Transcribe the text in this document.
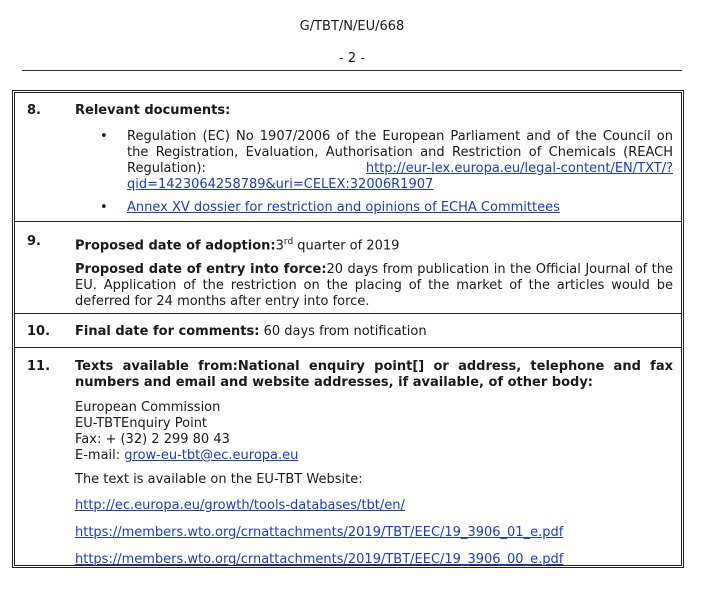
G/TBT/N/EU/668
- 2 -
8.	Relevant documents:
• Regulation (EC) No 1907/2006 of the European Parliament and of the Council on the Registration, Evaluation, Authorisation and Restriction of Chemicals (REACH Regulation): http://eur-lex.europa.eu/legal-content/EN/TXT/?qid=1423064258789&uri=CELEX:32006R1907
• Annex XV dossier for restriction and opinions of ECHA Committees
9.	Proposed date of adoption:3rd quarter of 2019

Proposed date of entry into force:20 days from publication in the Official Journal of the EU. Application of the restriction on the placing of the market of the articles would be deferred for 24 months after entry into force.

10. Final date for comments: 60 days from notification
11. Texts available from:National enquiry point[] or address, telephone and fax numbers and email and website addresses, if available, of other body:

European Commission
EU-TBTEnquiry Point
Fax: + (32) 2 299 80 43
E-mail: grow-eu-tbt@ec.europa.eu

The text is available on the EU-TBT Website:

http://ec.europa.eu/growth/tools-databases/tbt/en/

https://members.wto.org/crnattachments/2019/TBT/EEC/19_3906_01_e.pdf

https://members.wto.org/crnattachments/2019/TBT/EEC/19_3906_00_e.pdf
